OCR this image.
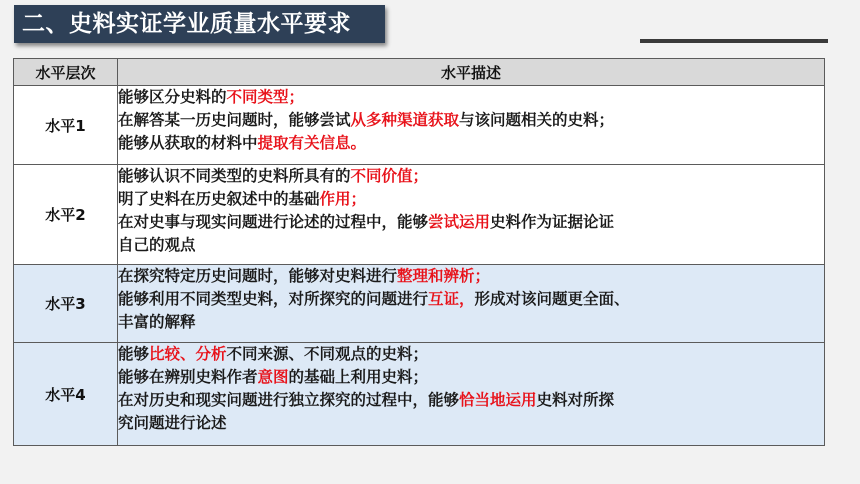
二、史料实证学业质量水平要求
水平层次	水平描述
水平1	能够区分史料的不同类型；
在解答某一历史问题时，能够尝试从多种渠道获取与该问题相关的史料；
能够从获取的材料中提取有关信息。

水平2	能够认识不同类型的史料所具有的不同价值；
明了史料在历史叙述中的基础作用；
在对史事与现实问题进行论述的过程中，能够尝试运用史料作为证据论证
自己的观点

水平3	在探究特定历史问题时，能够对史料进行整理和辨析；
能够利用不同类型史料，对所探究的问题进行互证，形成对该问题更全面、
丰富的解释

水平4	能够比较、分析不同来源、不同观点的史料；
能够在辨别史料作者意图的基础上利用史料；
在对历史和现实问题进行独立探究的过程中，能够恰当地运用史料对所探
究问题进行论述
